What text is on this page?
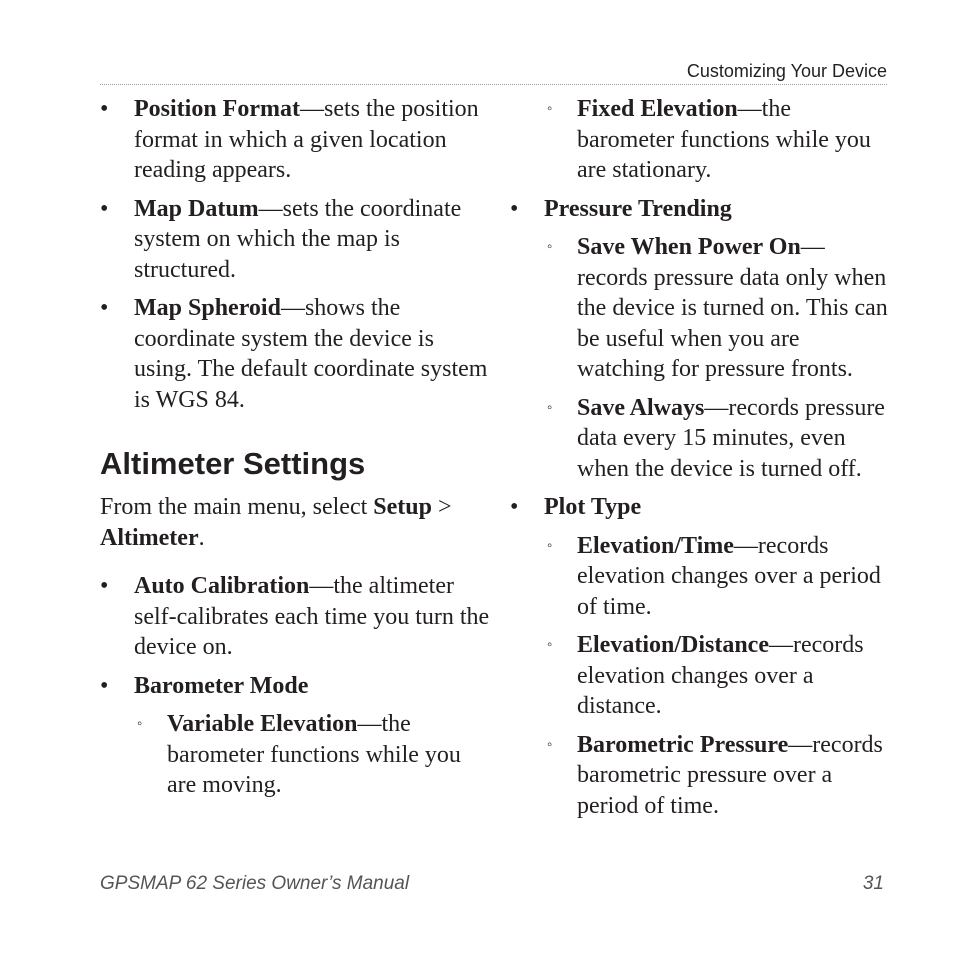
Customizing Your Device
• Position Format—sets the position format in which a given location reading appears.
• Map Datum—sets the coordinate system on which the map is structured.
• Map Spheroid—shows the coordinate system the device is using. The default coordinate system is WGS 84.
Altimeter Settings
From the main menu, select Setup >
Altimeter.
• Auto Calibration—the altimeter self-calibrates each time you turn the device on.
• Barometer Mode
◦ Variable Elevation—the barometer functions while you are moving.
◦ Fixed Elevation—the barometer functions while you are stationary.
• Pressure Trending
◦ Save When Power On—records pressure data only when the device is turned on. This can be useful when you are watching for pressure fronts.
◦ Save Always—records pressure data every 15 minutes, even when the device is turned off.
• Plot Type
◦ Elevation/Time—records elevation changes over a period of time.
◦ Elevation/Distance—records elevation changes over a distance.
◦ Barometric Pressure—records barometric pressure over a period of time.
GPSMAP 62 Series Owner’s Manual	31
